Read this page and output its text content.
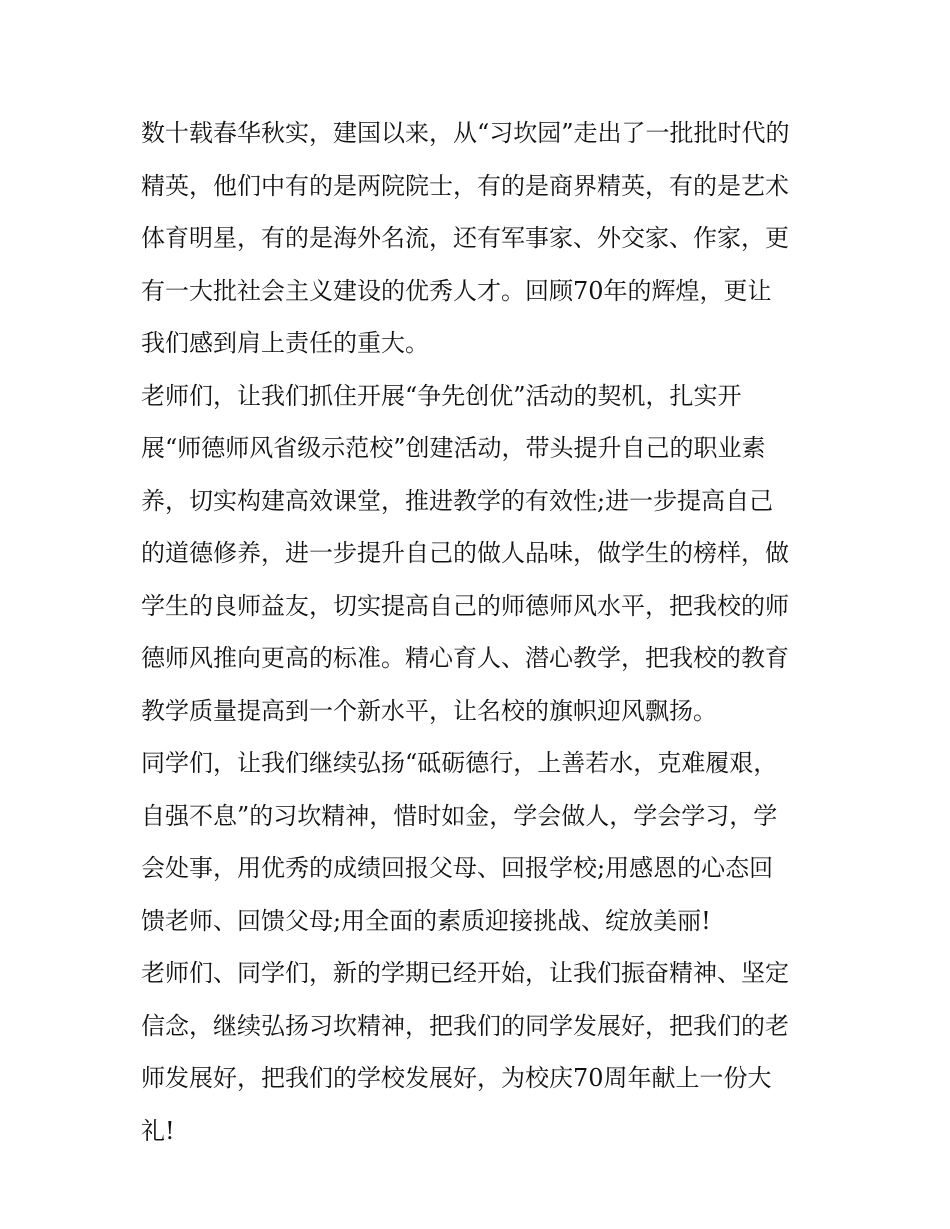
数十载春华秋实，建国以来，从“习坎园”走出了一批批时代的
精英，他们中有的是两院院士，有的是商界精英，有的是艺术
体育明星，有的是海外名流，还有军事家、外交家、作家，更
有一大批社会主义建设的优秀人才。回顾70年的辉煌，更让
我们感到肩上责任的重大。
老师们，让我们抓住开展“争先创优”活动的契机，扎实开
展“师德师风省级示范校”创建活动，带头提升自己的职业素
养，切实构建高效课堂，推进教学的有效性;进一步提高自己
的道德修养，进一步提升自己的做人品味，做学生的榜样，做
学生的良师益友，切实提高自己的师德师风水平，把我校的师
德师风推向更高的标准。精心育人、潜心教学，把我校的教育
教学质量提高到一个新水平，让名校的旗帜迎风飘扬。
同学们，让我们继续弘扬“砥砺德行，上善若水，克难履艰，
自强不息”的习坎精神，惜时如金，学会做人，学会学习，学
会处事，用优秀的成绩回报父母、回报学校;用感恩的心态回
馈老师、回馈父母;用全面的素质迎接挑战、绽放美丽!
老师们、同学们，新的学期已经开始，让我们振奋精神、坚定
信念，继续弘扬习坎精神，把我们的同学发展好，把我们的老
师发展好，把我们的学校发展好，为校庆70周年献上一份大
礼!
